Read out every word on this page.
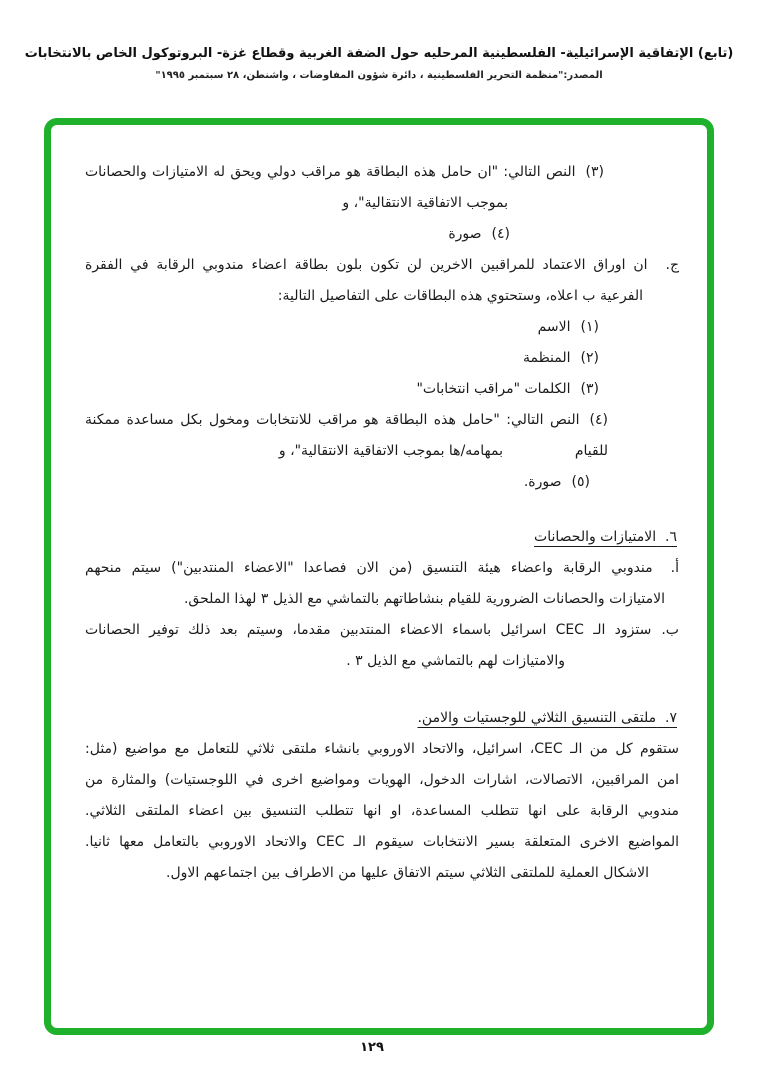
(تابع) الإتفاقية الإسرائيلية- الفلسطينية المرحليه حول الضفة الغربية وقطاع غزة- البروتوكول الخاص بالانتخابات
المصدر:"منظمة التحرير الفلسطينية ، دائرة شؤون المفاوضات ، واشنطن، ٢٨ سبتمبر ١٩٩٥"
(٣)النص التالي: "ان حامل هذه البطاقة هو مراقب دولي ويحق له الامتيازات والحصانات
بموجب الاتفاقية الانتقالية"، و
(٤)صورة
ج.ان اوراق الاعتماد للمراقبين الاخرين لن تكون بلون بطاقة اعضاء مندوبي الرقابة في الفقرة
الفرعية ب اعلاه، وستحتوي هذه البطاقات على التفاصيل التالية:
(١)الاسم
(٢)المنظمة
(٣)الكلمات "مراقب انتخابات"
(٤)النص التالي: "حامل هذه البطاقة هو مراقب للانتخابات ومخول بكل مساعدة ممكنة للقيام
بمهامه/ها بموجب الاتفاقية الانتقالية"، و
(٥)صورة.
٦.  الامتيازات والحصانات
أ.مندوبي الرقابة واعضاء هيئة التنسيق (من الان فصاعدا "الاعضاء المنتدبين") سيتم منحهم
الامتيازات والحصانات الضرورية للقيام بنشاطاتهم بالتماشي مع الذيل ٣ لهذا الملحق.
ب.ستزود الـ CEC اسرائيل باسماء الاعضاء المنتدبين مقدما، وسيتم بعد ذلك توفير الحصانات
والامتيازات لهم بالتماشي مع الذيل ٣ .
٧.  ملتقى التنسيق الثلاثي للوجستيات والامن.
ستقوم كل من الـ CEC، اسرائيل، والاتحاد الاوروبي بانشاء ملتقى ثلاثي للتعامل مع مواضيع (مثل:
امن المراقبين، الاتصالات، اشارات الدخول، الهويات ومواضيع اخرى في اللوجستيات) والمثارة من
مندوبي الرقابة على انها تتطلب المساعدة، او انها تتطلب التنسيق بين اعضاء الملتقى الثلاثي.
المواضيع الاخرى المتعلقة بسير الانتخابات سيقوم الـ CEC والاتحاد الاوروبي بالتعامل معها ثانيا.
الاشكال العملية للملتقى الثلاثي سيتم الاتفاق عليها من الاطراف بين اجتماعهم الاول.
١٢٩
